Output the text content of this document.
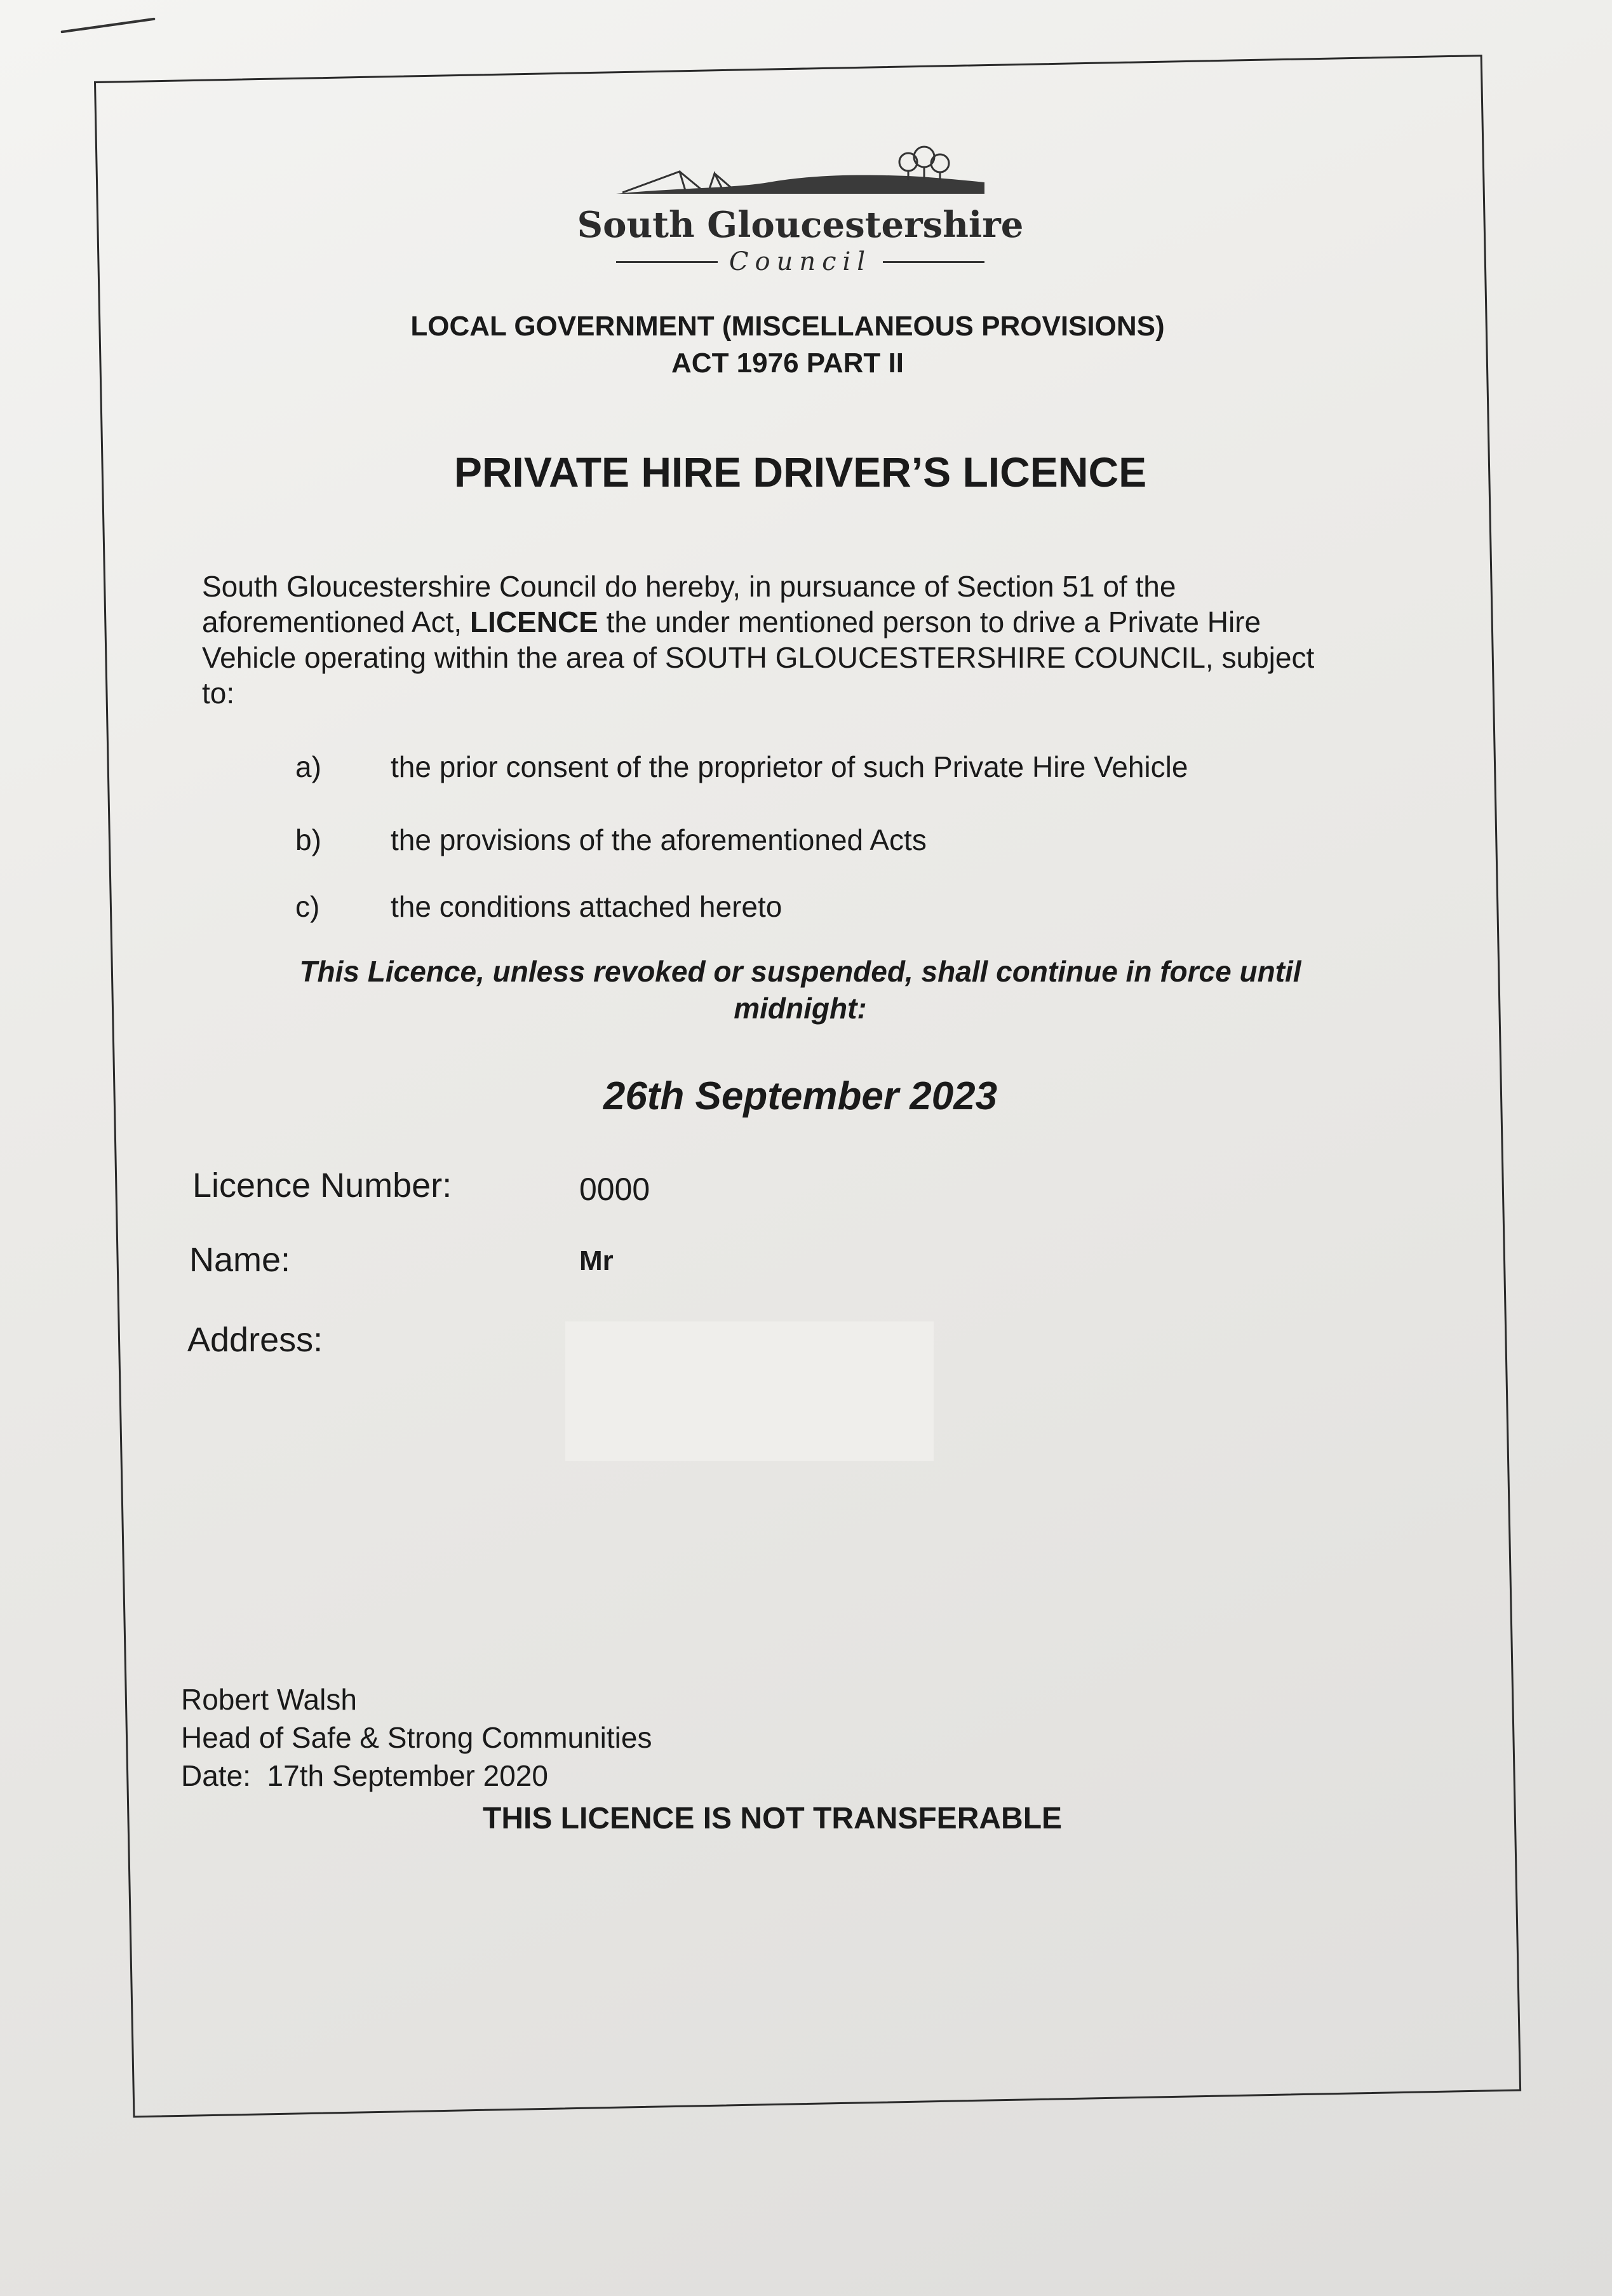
South Gloucestershire
Council
LOCAL GOVERNMENT (MISCELLANEOUS PROVISIONS)
ACT 1976 PART II
PRIVATE HIRE DRIVER’S LICENCE
South Gloucestershire Council do hereby, in pursuance of Section 51 of the aforementioned Act, LICENCE the under mentioned person to drive a Private Hire Vehicle operating within the area of SOUTH GLOUCESTERSHIRE COUNCIL, subject to:
a) the prior consent of the proprietor of such Private Hire Vehicle
b) the provisions of the aforementioned Acts
c) the conditions attached hereto
This Licence, unless revoked or suspended, shall continue in force until
midnight:
26th September 2023
Licence Number:	0000
Name:	Mr
Address:
Robert Walsh
Head of Safe & Strong Communities
Date: 17th September 2020
THIS LICENCE IS NOT TRANSFERABLE
